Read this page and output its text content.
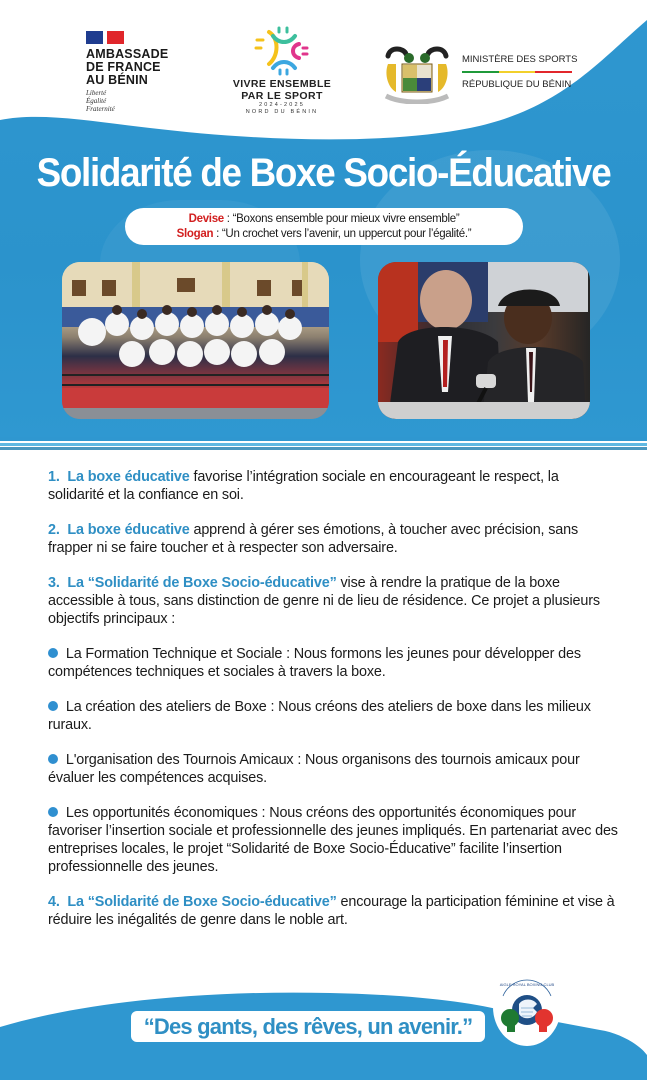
AMBASSADE
DE FRANCE
AU BÉNIN
Liberté
Égalité
Fraternité
VIVRE ENSEMBLE
PAR LE SPORT
2024-2025
NORD DU BÉNIN
MINISTÈRE DES SPORTS
RÉPUBLIQUE DU BÉNIN
Solidarité de Boxe Socio-Éducative
Devise : “Boxons ensemble pour mieux vivre ensemble”
Slogan : “Un crochet vers l’avenir, un uppercut pour l’égalité.”

1. La boxe éducative favorise l’intégration sociale en encourageant le respect, la solidarité et la confiance en soi.

2. La boxe éducative apprend à gérer ses émotions, à toucher avec précision, sans frapper ni se faire toucher et à respecter son adversaire.

3. La “Solidarité de Boxe Socio-éducative” vise à rendre la pratique de la boxe accessible à tous, sans distinction de genre ni de lieu de résidence. Ce projet a plusieurs objectifs principaux :

La Formation Technique et Sociale : Nous formons les jeunes pour développer des compétences techniques et sociales à travers la boxe.

La création des ateliers de Boxe : Nous créons des ateliers de boxe dans les milieux ruraux.

L'organisation des Tournois Amicaux : Nous organisons des tournois amicaux pour évaluer les compétences acquises.

Les opportunités économiques : Nous créons des opportunités économiques pour favoriser l’insertion sociale et professionnelle des jeunes impliqués. En partenariat avec des entreprises locales, le projet “Solidarité de Boxe Socio-Éducative” facilite l’insertion professionnelle des jeunes.

4. La “Solidarité de Boxe Socio-éducative” encourage la participation féminine et vise à réduire les inégalités de genre dans le noble art.

“Des gants, des rêves, un avenir.”
AIGLE ROYAL BOXING CLUB
